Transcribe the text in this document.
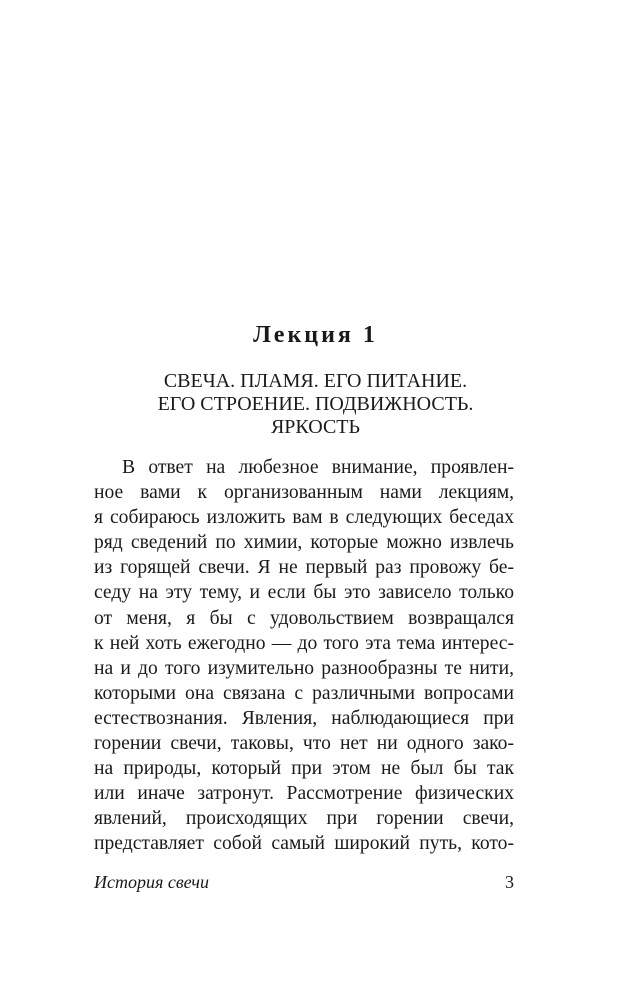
Лекция 1
СВЕЧА. ПЛАМЯ. ЕГО ПИТАНИЕ.
ЕГО СТРОЕНИЕ. ПОДВИЖНОСТЬ.
ЯРКОСТЬ
В ответ на любезное внимание, проявлен-
ное вами к организованным нами лекциям,
я собираюсь изложить вам в следующих беседах
ряд сведений по химии, которые можно извлечь
из горящей свечи. Я не первый раз провожу бе-
седу на эту тему, и если бы это зависело только
от меня, я бы с удовольствием возвращался
к ней хоть ежегодно — до того эта тема интерес-
на и до того изумительно разнообразны те нити,
которыми она связана с различными вопросами
естествознания. Явления, наблюдающиеся при
горении свечи, таковы, что нет ни одного зако-
на природы, который при этом не был бы так
или иначе затронут. Рассмотрение физических
явлений, происходящих при горении свечи,
представляет собой самый широкий путь, кото-
История свечи	3
